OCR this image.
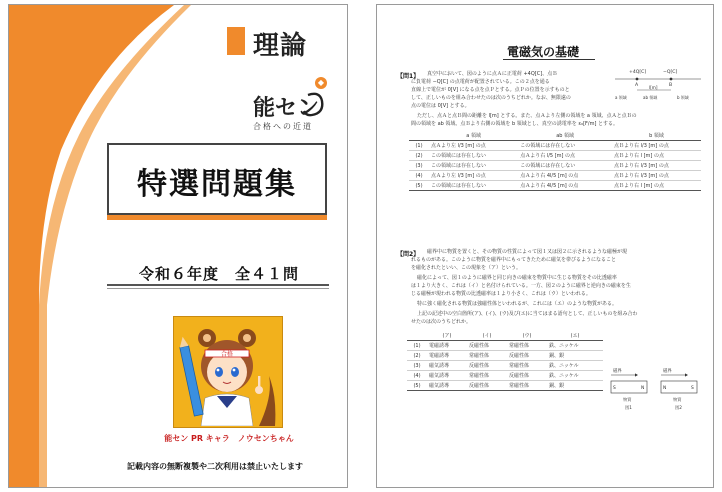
理論
能セン
◆
合格への近道
特選問題集
令和６年度　全４１問
合格
能セン PR キャラ　ノウセンちゃん
記載内容の無断複製や二次利用は禁止いたします
電磁気の基礎
【問1】 真空中において、図のように点Ａに正電荷 +4Q[C]、点Ｂ
に負電荷 −Q[C] の点電荷が配置されている。この２点を通る
直線上で電位が 0[V] になる点を点Ｐとする。点Ｐの位置を示すものと
して、正しいものを組み合わせたのは次のうちどれか。なお、無限遠の
点の電位は 0[V] とする。
ただし、点Ａと点Ｂ間の距離を l[m] とする。また、点Ａより左側の領域を a 領域、点Ａと点Ｂの
間の領域を ab 領域、点Ｂより右側の領域を b 領域とし、真空の誘電率を ε₀[F/m] とする。
+4Q[C]	−Q[C]
A	B
l[m]
a 領域	ab 領域	b 領域
	a 領域	ab 領域	b 領域
(1)	点Ａより左 l/3 [m] の点	この領域には存在しない	点Ｂより右 l/3 [m] の点
(2)	この領域には存在しない	点Ａより右 l/5 [m] の点	点Ｂより右 l [m] の点
(3)	この領域には存在しない	この領域には存在しない	点Ｂより右 l/3 [m] の点
(4)	点Ａより左 l/3 [m] の点	点Ａより右 4l/5 [m] の点	点Ｂより右 l/3 [m] の点
(5)	この領域には存在しない	点Ａより右 4l/5 [m] の点	点Ｂより右 l [m] の点
【問2】 磁界中に物質を置くと、その物質の性質によって図１又は図２に示されるような磁極が現
れるものがある。このように物質を磁界中にもってきたために磁気を帯びるようになること
を磁化されたといい、この現象を（ア）という。
磁化によって、図１のように磁界と同じ向きの磁束を物質中に生じる物質をその比透磁率
は１より大きく、これは（イ）と名付けられている。一方、図２のように磁界と逆向きの磁束を生
じる磁極が現われる物質の比透磁率は１より小さく、これは（ウ）といわれる。
特に強く磁化される物質は強磁性体といわれるが、これには（エ）のような物質がある。
上記の記述中の空白箇所(ア)、(イ)、(ウ)及び(エ)に当てはまる語句として、正しいものを組み合わ
せたのは次のうちどれか。
	(ア)	(イ)	(ウ)	(エ)
(1)	電磁誘導	反磁性体	常磁性体	鉄、ニッケル
(2)	電磁誘導	常磁性体	反磁性体	銅、銀
(3)	磁気誘導	反磁性体	常磁性体	鉄、ニッケル
(4)	磁気誘導	常磁性体	反磁性体	鉄、ニッケル
(5)	磁気誘導	反磁性体	常磁性体	銅、銀
磁界
S	N
物質
図1
磁界
N	S
物質
図2
